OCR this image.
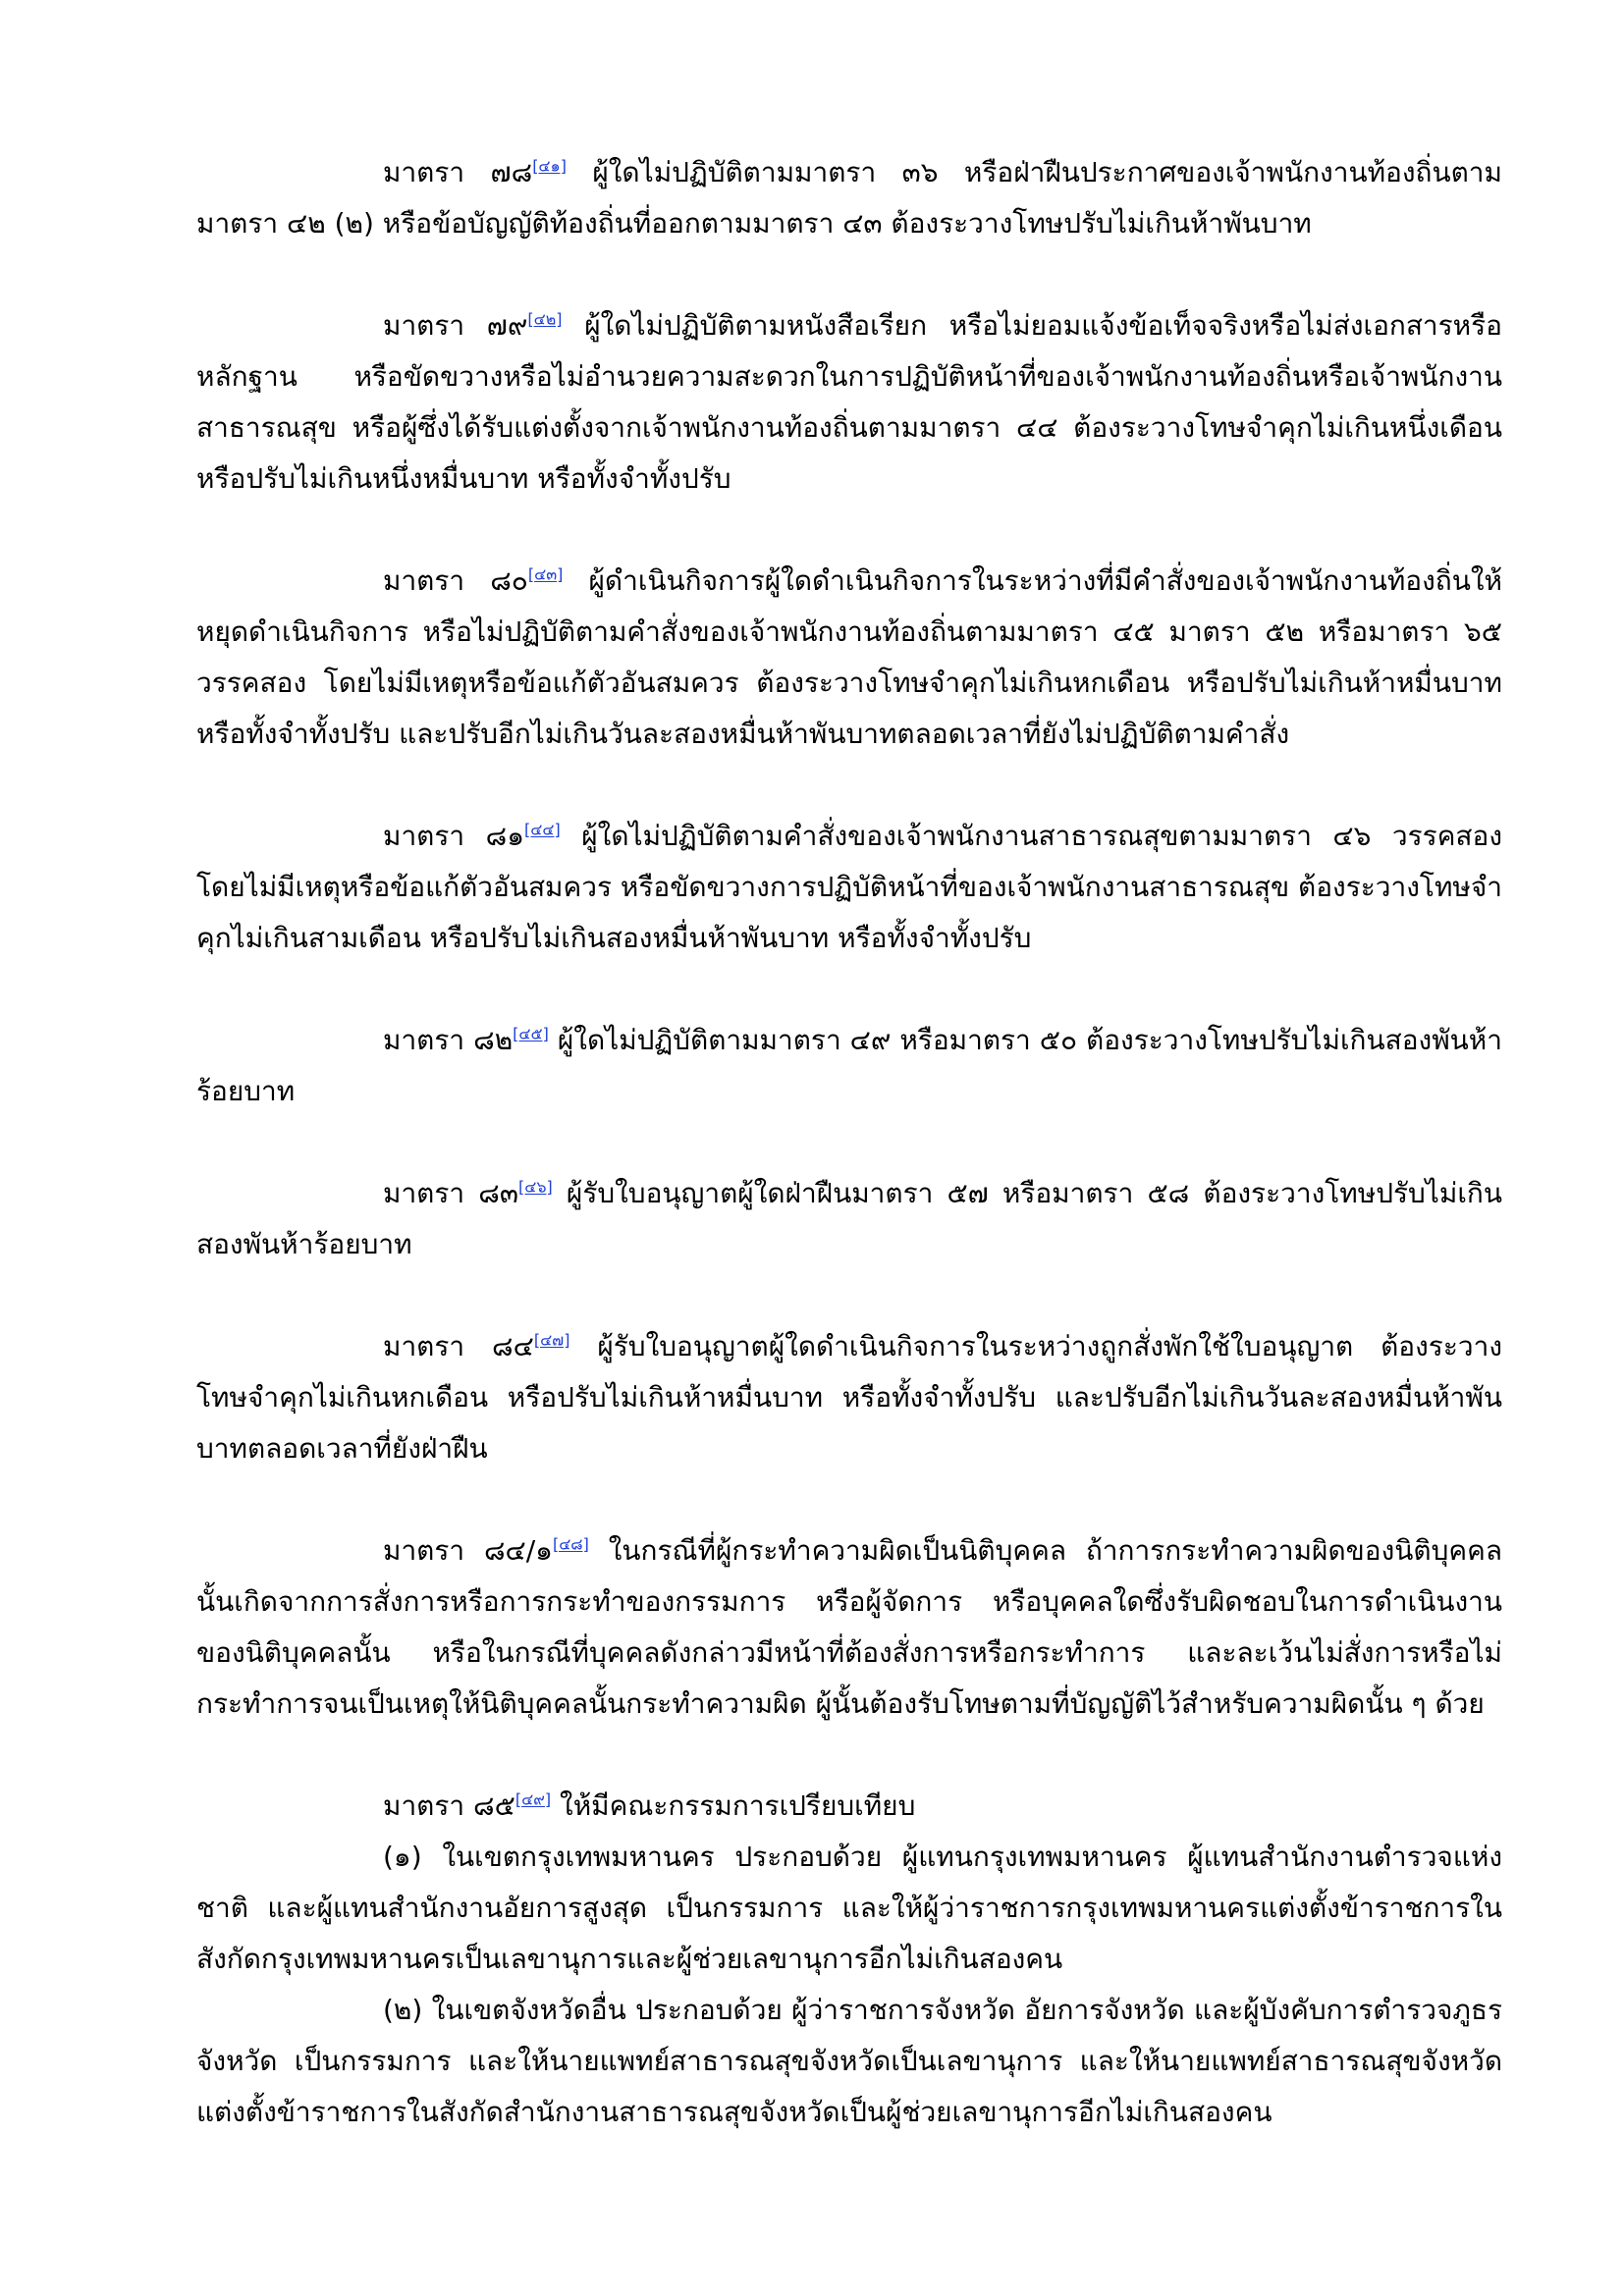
มาตรา ๗๘[๔๑] ผู้ใดไม่ปฏิบัติตามมาตรา ๓๖ หรือฝ่าฝืนประกาศของเจ้าพนักงานท้องถิ่นตามมาตรา ๔๒ (๒) หรือข้อบัญญัติท้องถิ่นที่ออกตามมาตรา ๔๓ ต้องระวางโทษปรับไม่เกินห้าพันบาท
มาตรา ๗๙[๔๒] ผู้ใดไม่ปฏิบัติตามหนังสือเรียก หรือไม่ยอมแจ้งข้อเท็จจริงหรือไม่ส่งเอกสารหรือหลักฐาน หรือขัดขวางหรือไม่อำนวยความสะดวกในการปฏิบัติหน้าที่ของเจ้าพนักงานท้องถิ่นหรือเจ้าพนักงานสาธารณสุข หรือผู้ซึ่งได้รับแต่งตั้งจากเจ้าพนักงานท้องถิ่นตามมาตรา ๔๔ ต้องระวางโทษจำคุกไม่เกินหนึ่งเดือน หรือปรับไม่เกินหนึ่งหมื่นบาท หรือทั้งจำทั้งปรับ
มาตรา ๘๐[๔๓] ผู้ดำเนินกิจการผู้ใดดำเนินกิจการในระหว่างที่มีคำสั่งของเจ้าพนักงานท้องถิ่นให้หยุดดำเนินกิจการ หรือไม่ปฏิบัติตามคำสั่งของเจ้าพนักงานท้องถิ่นตามมาตรา ๔๕ มาตรา ๕๒ หรือมาตรา ๖๕ วรรคสอง โดยไม่มีเหตุหรือข้อแก้ตัวอันสมควร ต้องระวางโทษจำคุกไม่เกินหกเดือน หรือปรับไม่เกินห้าหมื่นบาท หรือทั้งจำทั้งปรับ และปรับอีกไม่เกินวันละสองหมื่นห้าพันบาทตลอดเวลาที่ยังไม่ปฏิบัติตามคำสั่ง
มาตรา ๘๑[๔๔] ผู้ใดไม่ปฏิบัติตามคำสั่งของเจ้าพนักงานสาธารณสุขตามมาตรา ๔๖ วรรคสอง โดยไม่มีเหตุหรือข้อแก้ตัวอันสมควร หรือขัดขวางการปฏิบัติหน้าที่ของเจ้าพนักงานสาธารณสุข ต้องระวางโทษจำคุกไม่เกินสามเดือน หรือปรับไม่เกินสองหมื่นห้าพันบาท หรือทั้งจำทั้งปรับ
มาตรา ๘๒[๔๕] ผู้ใดไม่ปฏิบัติตามมาตรา ๔๙ หรือมาตรา ๕๐ ต้องระวางโทษปรับไม่เกินสองพันห้าร้อยบาท
มาตรา ๘๓[๔๖] ผู้รับใบอนุญาตผู้ใดฝ่าฝืนมาตรา ๕๗ หรือมาตรา ๕๘ ต้องระวางโทษปรับไม่เกินสองพันห้าร้อยบาท
มาตรา ๘๔[๔๗] ผู้รับใบอนุญาตผู้ใดดำเนินกิจการในระหว่างถูกสั่งพักใช้ใบอนุญาต ต้องระวางโทษจำคุกไม่เกินหกเดือน หรือปรับไม่เกินห้าหมื่นบาท หรือทั้งจำทั้งปรับ และปรับอีกไม่เกินวันละสองหมื่นห้าพันบาทตลอดเวลาที่ยังฝ่าฝืน
มาตรา ๘๔/๑[๔๘] ในกรณีที่ผู้กระทำความผิดเป็นนิติบุคคล ถ้าการกระทำความผิดของนิติบุคคลนั้นเกิดจากการสั่งการหรือการกระทำของกรรมการ หรือผู้จัดการ หรือบุคคลใดซึ่งรับผิดชอบในการดำเนินงานของนิติบุคคลนั้น หรือในกรณีที่บุคคลดังกล่าวมีหน้าที่ต้องสั่งการหรือกระทำการ และละเว้นไม่สั่งการหรือไม่กระทำการจนเป็นเหตุให้นิติบุคคลนั้นกระทำความผิด ผู้นั้นต้องรับโทษตามที่บัญญัติไว้สำหรับความผิดนั้น ๆ ด้วย
มาตรา ๘๕[๔๙] ให้มีคณะกรรมการเปรียบเทียบ
(๑) ในเขตกรุงเทพมหานคร ประกอบด้วย ผู้แทนกรุงเทพมหานคร ผู้แทนสำนักงานตำรวจแห่งชาติ และผู้แทนสำนักงานอัยการสูงสุด เป็นกรรมการ และให้ผู้ว่าราชการกรุงเทพมหานครแต่งตั้งข้าราชการในสังกัดกรุงเทพมหานครเป็นเลขานุการและผู้ช่วยเลขานุการอีกไม่เกินสองคน
(๒) ในเขตจังหวัดอื่น ประกอบด้วย ผู้ว่าราชการจังหวัด อัยการจังหวัด และผู้บังคับการตำรวจภูธรจังหวัด เป็นกรรมการ และให้นายแพทย์สาธารณสุขจังหวัดเป็นเลขานุการ และให้นายแพทย์สาธารณสุขจังหวัดแต่งตั้งข้าราชการในสังกัดสำนักงานสาธารณสุขจังหวัดเป็นผู้ช่วยเลขานุการอีกไม่เกินสองคน
